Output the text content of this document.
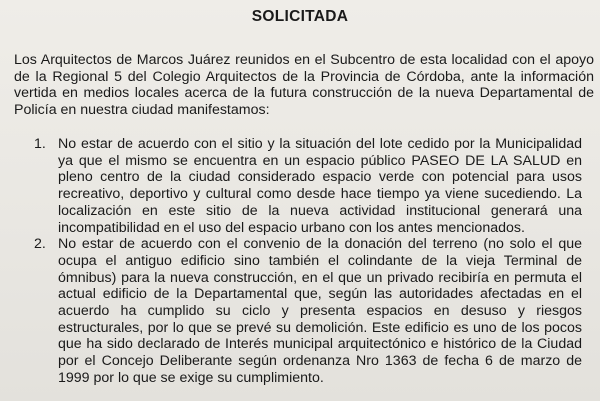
SOLICITADA
Los Arquitectos de Marcos Juárez reunidos en el Subcentro de esta localidad con el apoyo de la Regional 5 del Colegio Arquitectos de la Provincia de Córdoba, ante la información vertida en medios locales acerca de la futura construcción de la nueva Departamental de Policía en nuestra ciudad manifestamos:
1. No estar de acuerdo con el sitio y la situación del lote cedido por la Municipalidad ya que el mismo se encuentra en un espacio público PASEO DE LA SALUD en pleno centro de la ciudad considerado espacio verde con potencial para usos recreativo, deportivo y cultural como desde hace tiempo ya viene sucediendo. La localización en este sitio de la nueva actividad institucional generará una incompatibilidad en el uso del espacio urbano con los antes mencionados.
2. No estar de acuerdo con el convenio de la donación del terreno (no solo el que ocupa el antiguo edificio sino también el colindante de la vieja Terminal de ómnibus) para la nueva construcción, en el que un privado recibiría en permuta el actual edificio de la Departamental que, según las autoridades afectadas en el acuerdo ha cumplido su ciclo y presenta espacios en desuso y riesgos estructurales, por lo que se prevé su demolición. Este edificio es uno de los pocos que ha sido declarado de Interés municipal arquitectónico e histórico de la Ciudad por el Concejo Deliberante según ordenanza Nro 1363 de fecha 6 de marzo de 1999 por lo que se exige su cumplimiento.
